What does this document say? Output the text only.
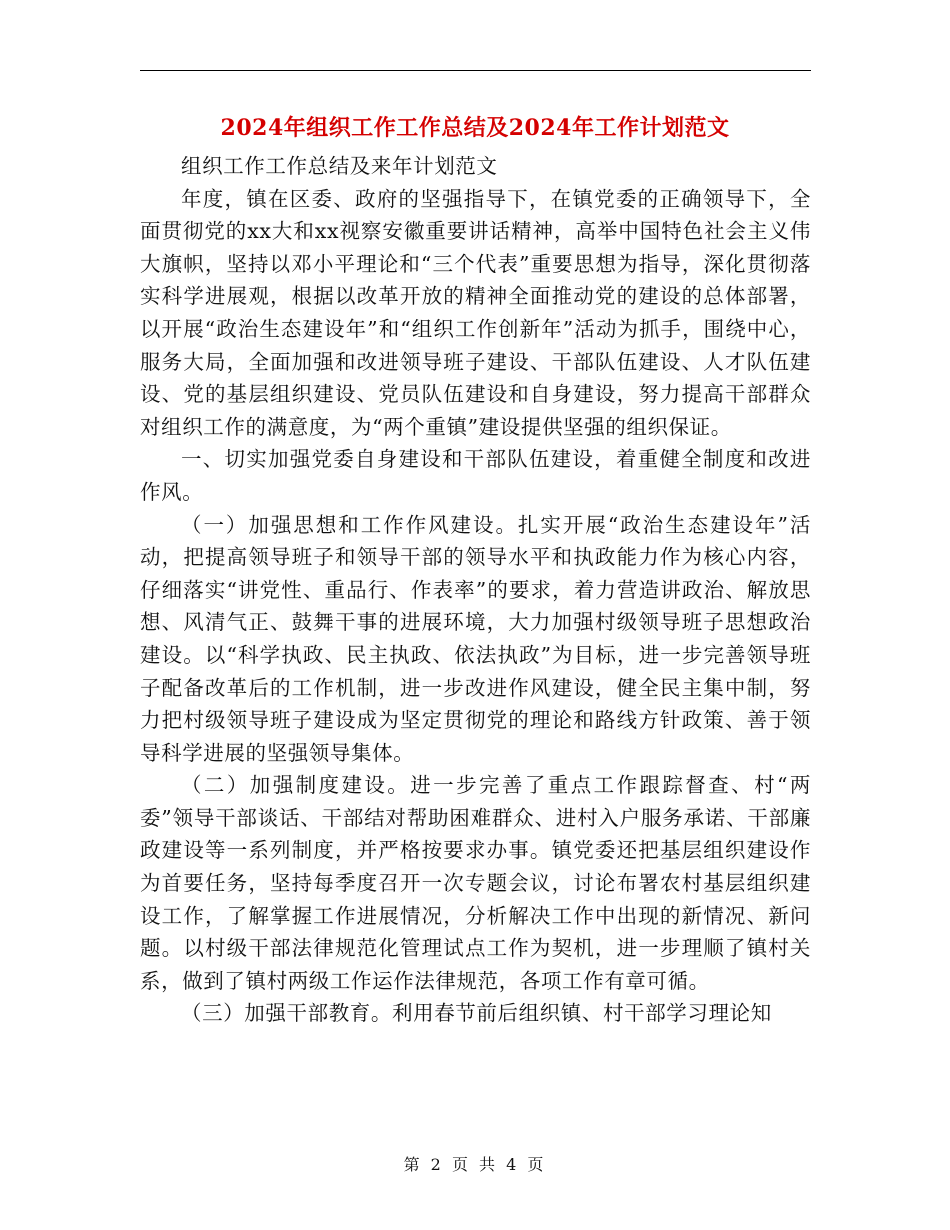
2024年组织工作工作总结及2024年工作计划范文

组织工作工作总结及来年计划范文

年度，镇在区委、政府的坚强指导下，在镇党委的正确领导下，全面贯彻党的xx大和xx视察安徽重要讲话精神，高举中国特色社会主义伟大旗帜，坚持以邓小平理论和“三个代表”重要思想为指导，深化贯彻落实科学进展观，根据以改革开放的精神全面推动党的建设的总体部署，以开展“政治生态建设年”和“组织工作创新年”活动为抓手，围绕中心，服务大局，全面加强和改进领导班子建设、干部队伍建设、人才队伍建设、党的基层组织建设、党员队伍建设和自身建设，努力提高干部群众对组织工作的满意度，为“两个重镇”建设提供坚强的组织保证。

一、切实加强党委自身建设和干部队伍建设，着重健全制度和改进作风。

（一）加强思想和工作作风建设。扎实开展“政治生态建设年”活动，把提高领导班子和领导干部的领导水平和执政能力作为核心内容，仔细落实“讲党性、重品行、作表率”的要求，着力营造讲政治、解放思想、风清气正、鼓舞干事的进展环境，大力加强村级领导班子思想政治建设。以“科学执政、民主执政、依法执政”为目标，进一步完善领导班子配备改革后的工作机制，进一步改进作风建设，健全民主集中制，努力把村级领导班子建设成为坚定贯彻党的理论和路线方针政策、善于领导科学进展的坚强领导集体。

（二）加强制度建设。进一步完善了重点工作跟踪督查、村“两委”领导干部谈话、干部结对帮助困难群众、进村入户服务承诺、干部廉政建设等一系列制度，并严格按要求办事。镇党委还把基层组织建设作为首要任务，坚持每季度召开一次专题会议，讨论布署农村基层组织建设工作，了解掌握工作进展情况，分析解决工作中出现的新情况、新问题。以村级干部法律规范化管理试点工作为契机，进一步理顺了镇村关系，做到了镇村两级工作运作法律规范，各项工作有章可循。

（三）加强干部教育。利用春节前后组织镇、村干部学习理论知

第 2 页 共 4 页
